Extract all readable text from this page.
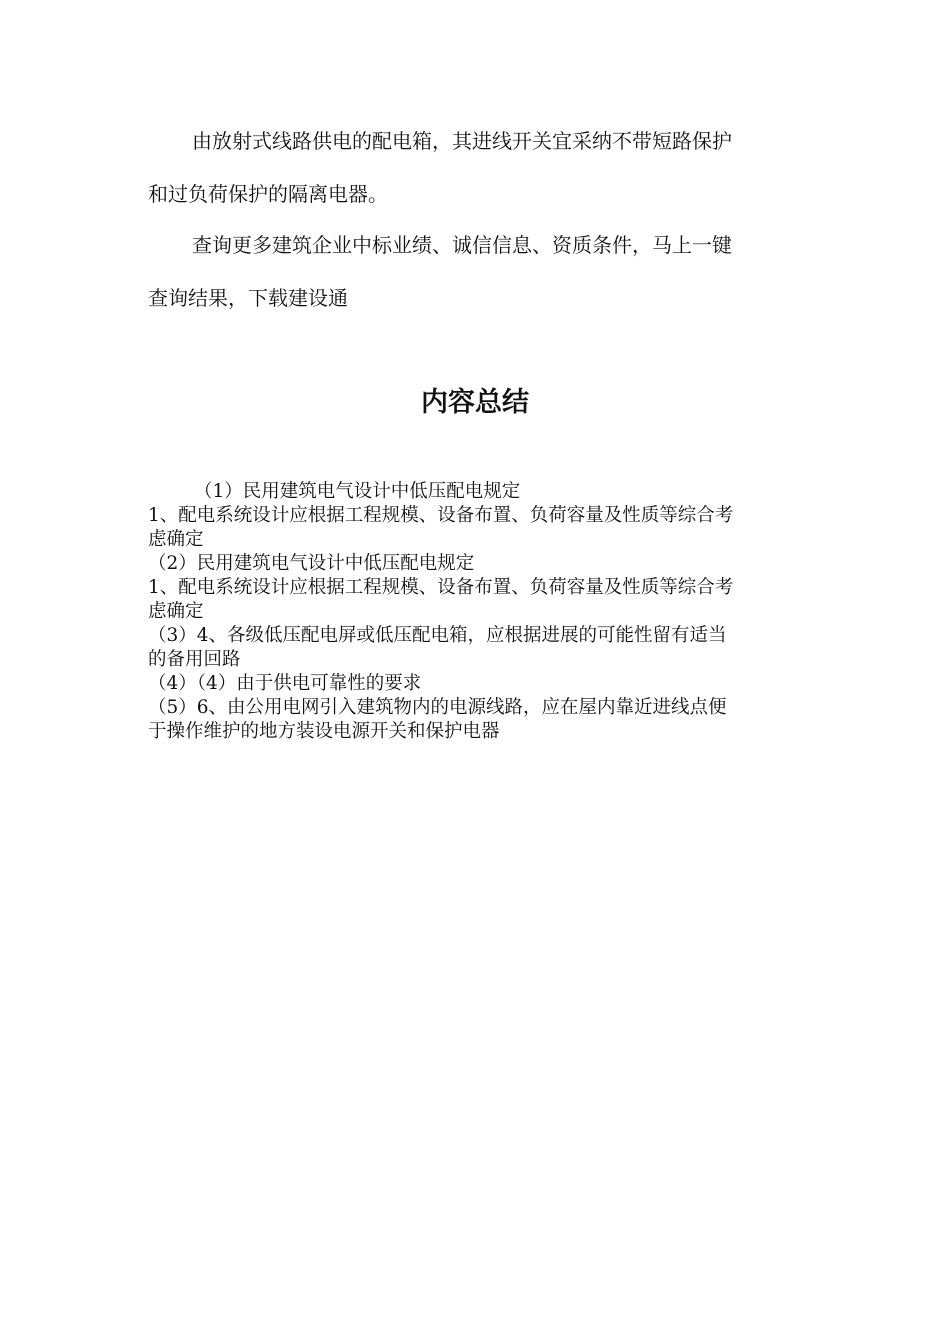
由放射式线路供电的配电箱，其进线开关宜采纳不带短路保护

和过负荷保护的隔离电器。

查询更多建筑企业中标业绩、诚信信息、资质条件，马上一键

查询结果，下载建设通

内容总结
（1）民用建筑电气设计中低压配电规定
1、配电系统设计应根据工程规模、设备布置、负荷容量及性质等综合考
虑确定
（2）民用建筑电气设计中低压配电规定
1、配电系统设计应根据工程规模、设备布置、负荷容量及性质等综合考
虑确定
（3）4、各级低压配电屏或低压配电箱，应根据进展的可能性留有适当
的备用回路
（4）（4）由于供电可靠性的要求
（5）6、由公用电网引入建筑物内的电源线路，应在屋内靠近进线点便
于操作维护的地方装设电源开关和保护电器
